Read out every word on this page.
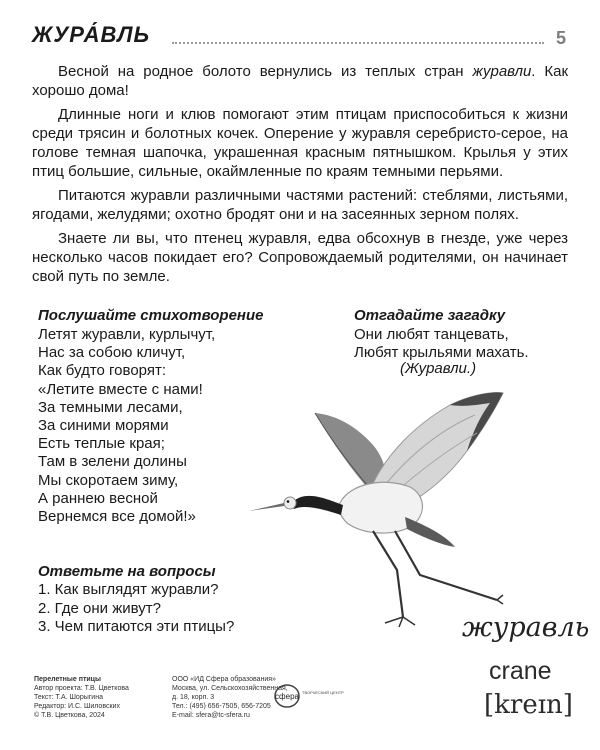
ЖУРА́ВЛЬ	5

Весной на родное болото вернулись из теплых стран журавли. Как хорошо дома!

Длинные ноги и клюв помогают этим птицам приспособиться к жизни среди трясин и болотных кочек. Оперение у журавля серебристо-серое, на голове темная шапочка, украшенная красным пятнышком. Крылья у этих птиц большие, сильные, окаймленные по краям темными перьями.

Питаются журавли различными частями растений: стеблями, листьями, ягодами, желудями; охотно бродят они и на засеянных зерном полях.

Знаете ли вы, что птенец журавля, едва обсохнув в гнезде, уже через несколько часов покидает его? Сопровождаемый родителями, он начинает свой путь по земле.

Послушайте стихотворение
Летят журавли, курлычут,
Нас за собою кличут,
Как будто говорят:
«Летите вместе с нами!
За темными лесами,
За синими морями
Есть теплые края;
Там в зелени долины
Мы скоротаем зиму,
А раннею весной
Вернемся все домой!»
Отгадайте загадку
Они любят танцевать,
Любят крыльями махать.
(Журавли.)
Ответьте на вопросы
1. Как выглядят журавли?
2. Где они живут?
3. Чем питаются эти птицы?	журавль
crane
[kreɪn]
Перелетные птицы
Автор проекта: Т.В. Цветкова
Текст: Т.А. Шорыгина
Редактор: И.С. Шиловских
© Т.В. Цветкова, 2024
ООО «ИД Сфера образования»
Москва, ул. Сельскохозяйственная,
д. 18, корп. 3
Тел.: (495) 656-7505, 656-7205
E-mail: sfera@tc-sfera.ru
сфера ТВОРЧЕСКИЙ ЦЕНТР
